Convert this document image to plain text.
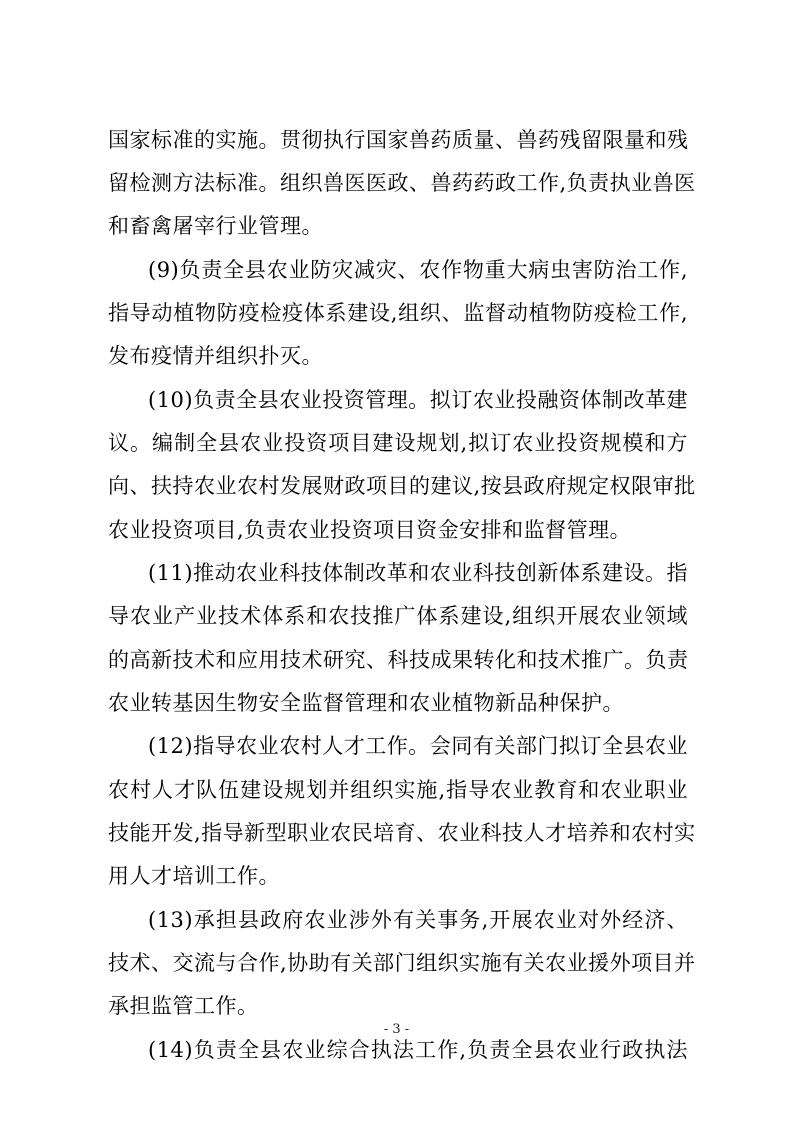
国家标准的实施。贯彻执行国家兽药质量、兽药残留限量和残
留检测方法标准。组织兽医医政、兽药药政工作,负责执业兽医
和畜禽屠宰行业管理。
(9)负责全县农业防灾减灾、农作物重大病虫害防治工作,
指导动植物防疫检疫体系建设,组织、监督动植物防疫检工作,
发布疫情并组织扑灭。
(10)负责全县农业投资管理。拟订农业投融资体制改革建
议。编制全县农业投资项目建设规划,拟订农业投资规模和方
向、扶持农业农村发展财政项目的建议,按县政府规定权限审批
农业投资项目,负责农业投资项目资金安排和监督管理。
(11)推动农业科技体制改革和农业科技创新体系建设。指
导农业产业技术体系和农技推广体系建设,组织开展农业领域
的高新技术和应用技术研究、科技成果转化和技术推广。负责
农业转基因生物安全监督管理和农业植物新品种保护。
(12)指导农业农村人才工作。会同有关部门拟订全县农业
农村人才队伍建设规划并组织实施,指导农业教育和农业职业
技能开发,指导新型职业农民培育、农业科技人才培养和农村实
用人才培训工作。
(13)承担县政府农业涉外有关事务,开展农业对外经济、
技术、交流与合作,协助有关部门组织实施有关农业援外项目并
承担监管工作。
(14)负责全县农业综合执法工作,负责全县农业行政执法
- 3 -
